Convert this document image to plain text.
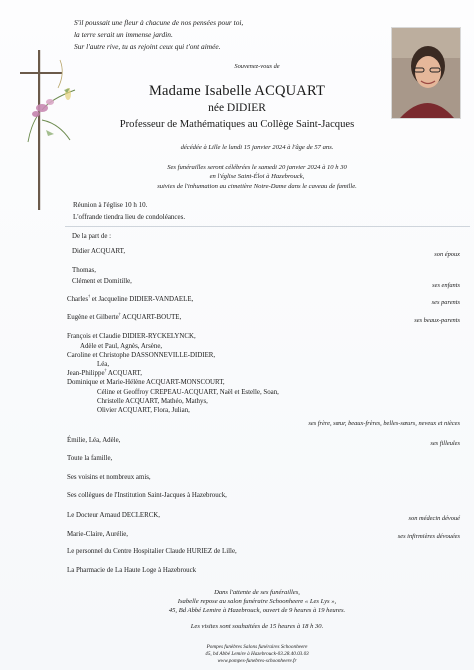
S'il poussait une fleur à chacune de nos pensées pour toi,
la terre serait un immense jardin.
Sur l'autre rive, tu as rejoint ceux qui t'ont aimée.
Souvenez-vous de
Madame Isabelle ACQUART
née DIDIER
Professeur de Mathématiques au Collège Saint-Jacques
décédée à Lille le lundi 15 janvier 2024 à l'âge de 57 ans.
Ses funérailles seront célébrées le samedi 20 janvier 2024 à 10 h 30
en l'église Saint-Éloi à Hazebrouck,
suivies de l'inhumation au cimetière Notre-Dame dans le caveau de famille.
Réunion à l'église 10 h 10.
L'offrande tiendra lieu de condoléances.
De la part de :
Didier ACQUART,	son époux
Thomas,
Clément et Domitille,
ses enfants
Charles† et Jacqueline DIDIER-VANDAELE,	ses parents
Eugène et Gilberte† ACQUART-BOUTE,	ses beaux-parents
François et Claudie DIDIER-RYCKELYNCK,
Adèle et Paul, Agnès, Arsène,
Caroline et Christophe DASSONNEVILLE-DIDIER,
Léa,
Jean-Philippe† ACQUART,
Dominique et Marie-Hélène ACQUART-MONSCOURT,
Céline et Geoffroy CREPEAU-ACQUART, Naël et Estelle, Soan,
Christelle ACQUART, Mathéo, Mathys,
Olivier ACQUART, Flora, Julian,
ses frère, sœur, beaux-frères, belles-sœurs, neveux et nièces
Émilie, Léa, Adèle,	ses filleules
Toute la famille,
Ses voisins et nombreux amis,
Ses collègues de l'Institution Saint-Jacques à Hazebrouck,
Le Docteur Arnaud DECLERCK,	son médecin dévoué
Marie-Claire, Aurélie,	ses infirmières dévouées
Le personnel du Centre Hospitalier Claude HURIEZ de Lille,
La Pharmacie de La Haute Loge à Hazebrouck
Dans l'attente de ses funérailles,
Isabelle repose au salon funéraire Schoonheere « Les Lys »,
45, Bd Abbé Lemire à Hazebrouck, ouvert de 9 heures à 19 heures.
Les visites sont souhaitées de 15 heures à 18 h 30.
Pompes funèbres Salons funéraires Schoonheere
45, bd Abbé Lemire à Hazebrouck-03.28.40.03.03
www.pompes-funebres-schoonheere.fr
